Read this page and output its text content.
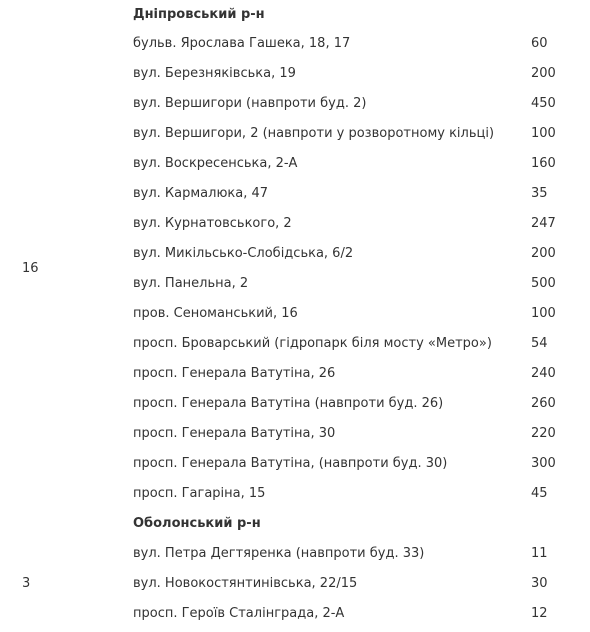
Дніпровський р-н
16
бульв. Ярослава Гашека, 18, 17	60
вул. Березняківська, 19	200
вул. Вершигори (навпроти буд. 2)	450
вул. Вершигори, 2 (навпроти у розворотному кільці)	100
вул. Воскресенська, 2-А	160
вул. Кармалюка, 47	35
вул. Курнатовського, 2	247
вул. Микільсько-Слобідська, 6/2	200
вул. Панельна, 2	500
пров. Сеноманський, 16	100
просп. Броварський (гідропарк біля мосту «Метро»)	54
просп. Генерала Ватутіна, 26	240
просп. Генерала Ватутіна (навпроти буд. 26)	260
просп. Генерала Ватутіна, 30	220
просп. Генерала Ватутіна, (навпроти буд. 30)	300
просп. Гагаріна, 15	45
Оболонський р-н
3
вул. Петра Дегтяренка (навпроти буд. 33)	11
вул. Новокостянтинівська, 22/15	30
просп. Героїв Сталінграда, 2-А	12
